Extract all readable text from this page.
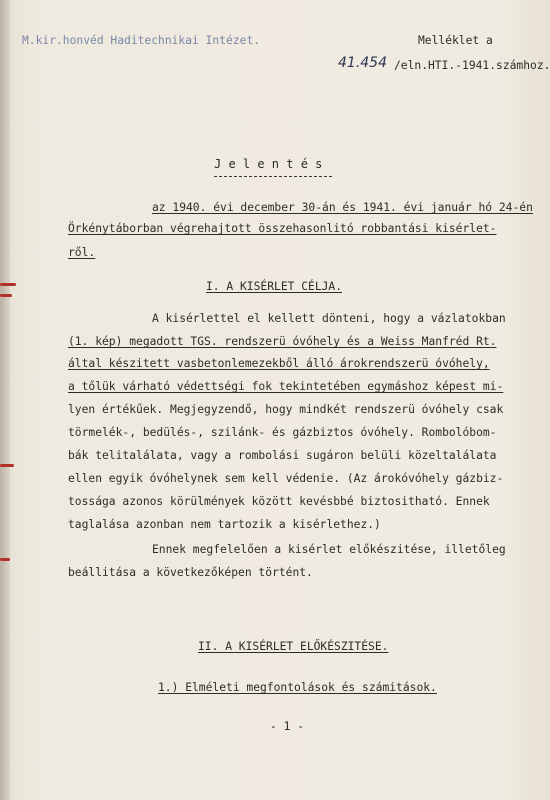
M.kir.honvéd Haditechnikai Intézet.	Melléklet a
41.454 /eln.HTI.-1941.számhoz.
J e l e n t é s
az 1940. évi december 30-án és 1941. évi január hó 24-én
Örkénytáborban végrehajtott összehasonlitó robbantási kisérlet-
ről.
I. A KISÉRLET CÉLJA.
A kisérlettel el kellett dönteni, hogy a vázlatokban
(1. kép) megadott TGS. rendszerü óvóhely és a Weiss Manfréd Rt.
által készitett vasbetonlemezekből álló árokrendszerü óvóhely,
a tőlük várható védettségi fok tekintetében egymáshoz képest mi-
lyen értékűek. Megjegyzendő, hogy mindkét rendszerü óvóhely csak
törmelék-, bedülés-, szilánk- és gázbiztos óvóhely. Rombolóbom-
bák telitalálata, vagy a rombolási sugáron belüli közeltalálata
ellen egyik óvóhelynek sem kell védenie. (Az árokóvóhely gázbiz-
tossága azonos körülmények között kevésbbé biztositható. Ennek
taglalása azonban nem tartozik a kisérlethez.)
Ennek megfelelően a kisérlet előkészitése, illetőleg
beállitása a következőképen történt.
II. A KISÉRLET ELŐKÉSZITÉSE.
1.) Elméleti megfontolások és számitások.
- 1 -
